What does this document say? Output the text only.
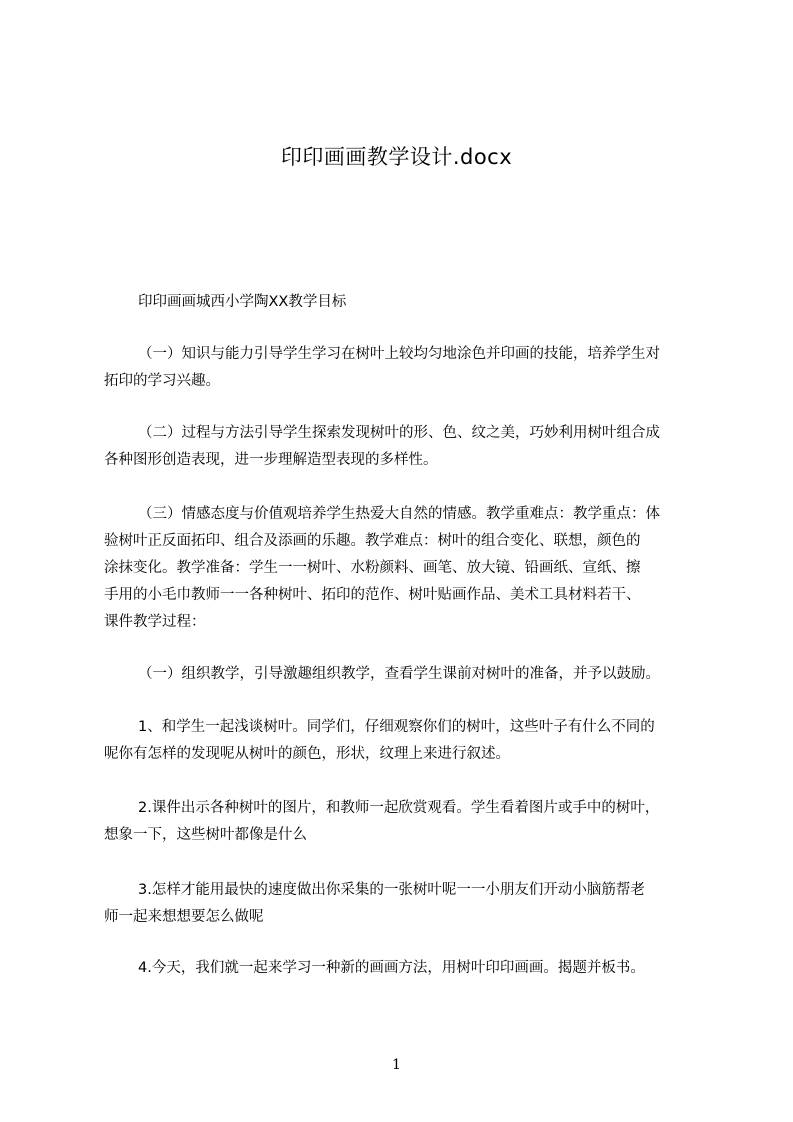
印印画画教学设计.docx
印印画画城西小学陶XX教学目标
（一）知识与能力引导学生学习在树叶上较均匀地涂色并印画的技能，培养学生对
拓印的学习兴趣。
（二）过程与方法引导学生探索发现树叶的形、色、纹之美，巧妙利用树叶组合成
各种图形创造表现，进一步理解造型表现的多样性。
（三）情感态度与价值观培养学生热爱大自然的情感。教学重难点：教学重点：体
验树叶正反面拓印、组合及添画的乐趣。教学难点：树叶的组合变化、联想，颜色的
涂抹变化。教学准备：学生一一树叶、水粉颜料、画笔、放大镜、铅画纸、宣纸、擦
手用的小毛巾教师一一各种树叶、拓印的范作、树叶贴画作品、美术工具材料若干、
课件教学过程：
（一）组织教学，引导激趣组织教学，查看学生课前对树叶的准备，并予以鼓励。
1、和学生一起浅谈树叶。同学们，仔细观察你们的树叶，这些叶子有什么不同的
呢你有怎样的发现呢从树叶的颜色，形状，纹理上来进行叙述。
2.课件出示各种树叶的图片，和教师一起欣赏观看。学生看着图片或手中的树叶，
想象一下，这些树叶都像是什么
3.怎样才能用最快的速度做出你采集的一张树叶呢一一小朋友们开动小脑筋帮老
师一起来想想要怎么做呢
4.今天，我们就一起来学习一种新的画画方法，用树叶印印画画。揭题并板书。
1
